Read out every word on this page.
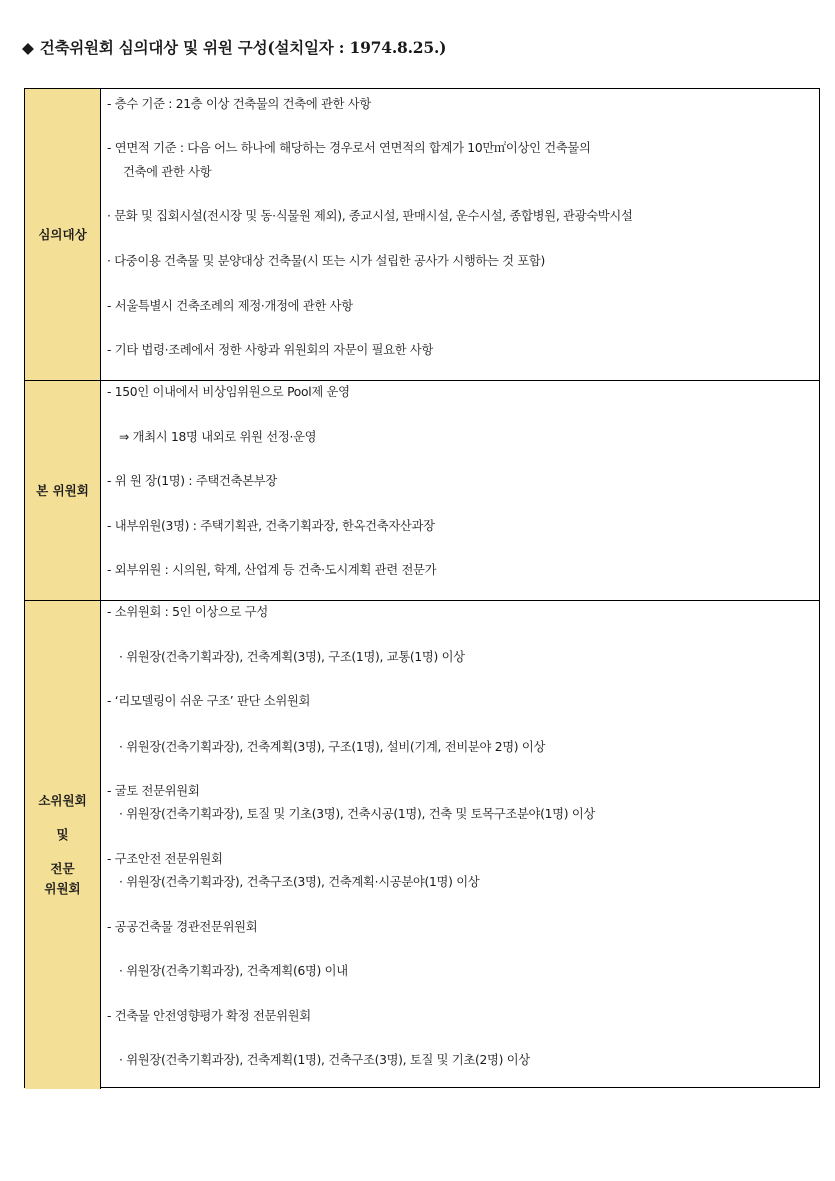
◆ 건축위원회 심의대상 및 위원 구성(설치일자 : 1974.8.25.)
심의대상
- 층수 기준 : 21층 이상 건축물의 건축에 관한 사항
- 연면적 기준 : 다음 어느 하나에 해당하는 경우로서 연면적의 합계가 10만㎡이상인 건축물의
건축에 관한 사항
· 문화 및 집회시설(전시장 및 동·식물원 제외), 종교시설, 판매시설, 운수시설, 종합병원, 관광숙박시설
· 다중이용 건축물 및 분양대상 건축물(시 또는 시가 설립한 공사가 시행하는 것 포함)
- 서울특별시 건축조례의 제정·개정에 관한 사항
- 기타 법령·조례에서 정한 사항과 위원회의 자문이 필요한 사항
본 위원회
- 150인 이내에서 비상임위원으로 Pool제 운영
⇒ 개최시 18명 내외로 위원 선정·운영
- 위 원 장(1명) : 주택건축본부장
- 내부위원(3명) : 주택기획관, 건축기획과장, 한옥건축자산과장
- 외부위원 : 시의원, 학계, 산업계 등 건축·도시계획 관련 전문가
소위원회
및
전문
위원회
- 소위원회 : 5인 이상으로 구성
· 위원장(건축기획과장), 건축계획(3명), 구조(1명), 교통(1명) 이상
- ‘리모델링이 쉬운 구조’ 판단 소위원회
· 위원장(건축기획과장), 건축계획(3명), 구조(1명), 설비(기계, 전비분야 2명) 이상
- 굴토 전문위원회
· 위원장(건축기획과장), 토질 및 기초(3명), 건축시공(1명), 건축 및 토목구조분야(1명) 이상
- 구조안전 전문위원회
· 위원장(건축기획과장), 건축구조(3명), 건축계획·시공분야(1명) 이상
- 공공건축물 경관전문위원회
· 위원장(건축기획과장), 건축계획(6명) 이내
- 건축물 안전영향평가 확정 전문위원회
· 위원장(건축기획과장), 건축계획(1명), 건축구조(3명), 토질 및 기초(2명) 이상
